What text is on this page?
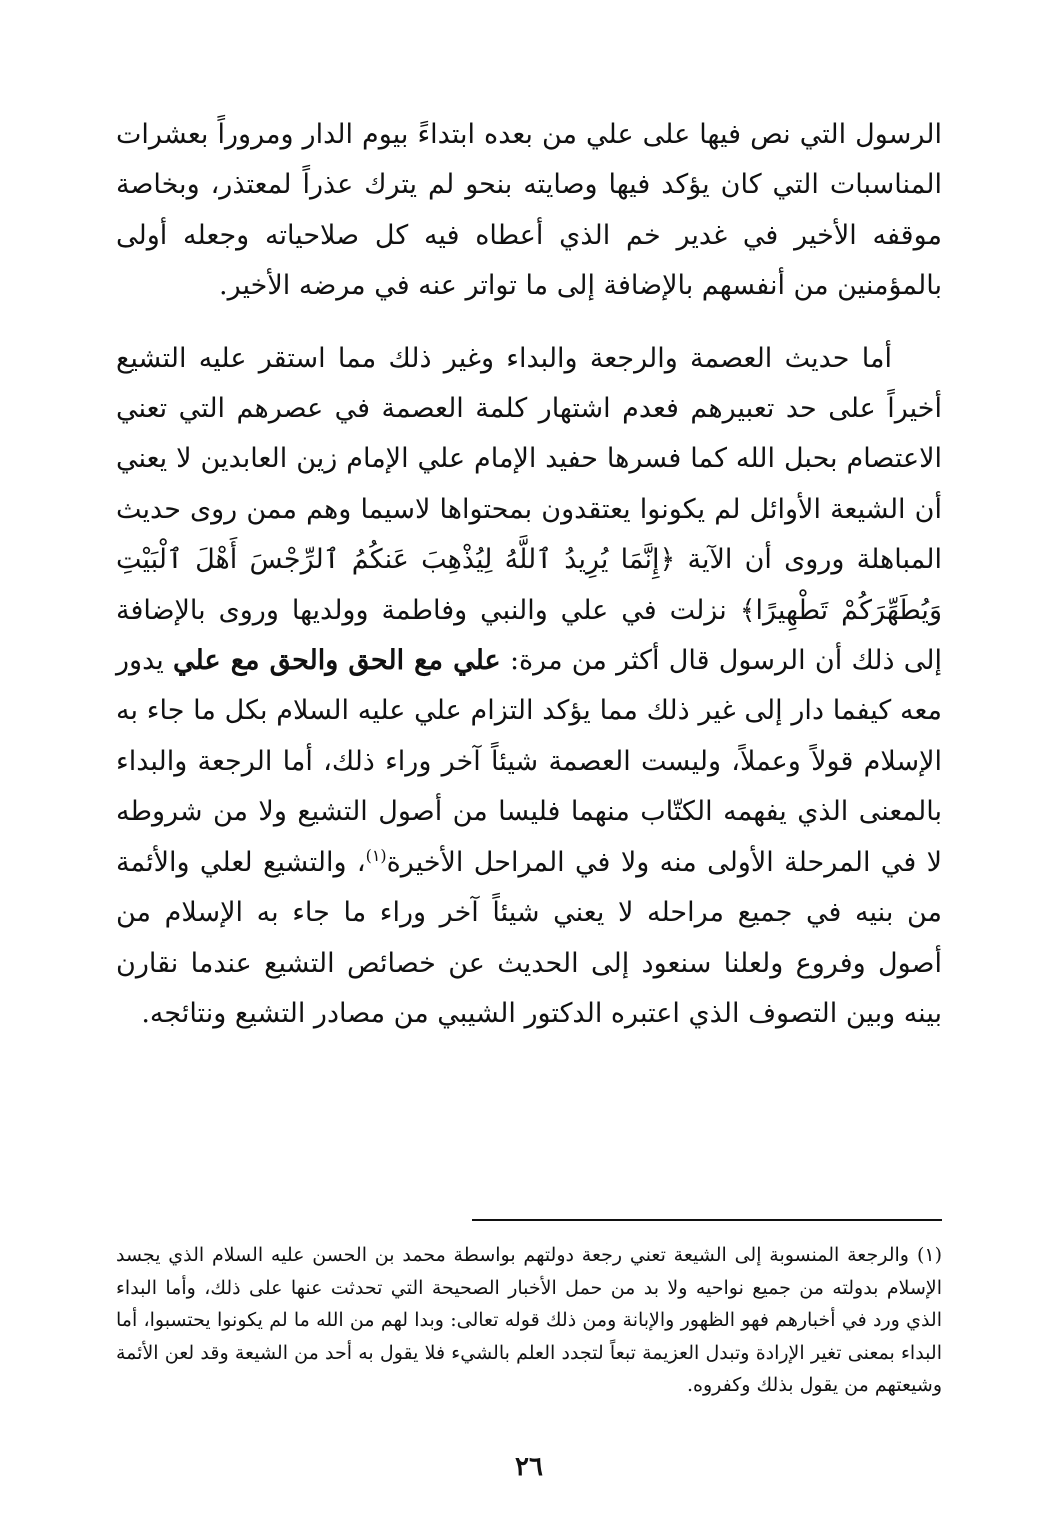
الرسول التي نص فيها على علي من بعده ابتداءً بيوم الدار ومروراً بعشرات المناسبات التي كان يؤكد فيها وصايته بنحو لم يترك عذراً لمعتذر، وبخاصة موقفه الأخير في غدير خم الذي أعطاه فيه كل صلاحياته وجعله أولى بالمؤمنين من أنفسهم بالإضافة إلى ما تواتر عنه في مرضه الأخير.
أما حديث العصمة والرجعة والبداء وغير ذلك مما استقر عليه التشيع أخيراً على حد تعبيرهم فعدم اشتهار كلمة العصمة في عصرهم التي تعني الاعتصام بحبل الله كما فسرها حفيد الإمام علي الإمام زين العابدين لا يعني أن الشيعة الأوائل لم يكونوا يعتقدون بمحتواها لاسيما وهم ممن روى حديث المباهلة وروى أن الآية ﴿إِنَّمَا يُرِيدُ ٱللَّهُ لِيُذْهِبَ عَنكُمُ ٱلرِّجْسَ أَهْلَ ٱلْبَيْتِ وَيُطَهِّرَكُمْ تَطْهِيرًا﴾ نزلت في علي والنبي وفاطمة وولديها وروى بالإضافة إلى ذلك أن الرسول قال أكثر من مرة: علي مع الحق والحق مع علي يدور معه كيفما دار إلى غير ذلك مما يؤكد التزام علي عليه السلام بكل ما جاء به الإسلام قولاً وعملاً، وليست العصمة شيئاً آخر وراء ذلك، أما الرجعة والبداء بالمعنى الذي يفهمه الكتّاب منهما فليسا من أصول التشيع ولا من شروطه لا في المرحلة الأولى منه ولا في المراحل الأخيرة$^{(١)}$، والتشيع لعلي والأئمة من بنيه في جميع مراحله لا يعني شيئاً آخر وراء ما جاء به الإسلام من أصول وفروع ولعلنا سنعود إلى الحديث عن خصائص التشيع عندما نقارن بينه وبين التصوف الذي اعتبره الدكتور الشيبي من مصادر التشيع ونتائجه.

(١)والرجعة المنسوبة إلى الشيعة تعني رجعة دولتهم بواسطة محمد بن الحسن عليه السلام الذي يجسد الإسلام بدولته من جميع نواحيه ولا بد من حمل الأخبار الصحيحة التي تحدثت عنها على ذلك، وأما البداء الذي ورد في أخبارهم فهو الظهور والإبانة ومن ذلك قوله تعالى: وبدا لهم من الله ما لم يكونوا يحتسبوا، أما البداء بمعنى تغير الإرادة وتبدل العزيمة تبعاً لتجدد العلم بالشيء فلا يقول به أحد من الشيعة وقد لعن الأئمة وشيعتهم من يقول بذلك وكفروه.

٢٦
